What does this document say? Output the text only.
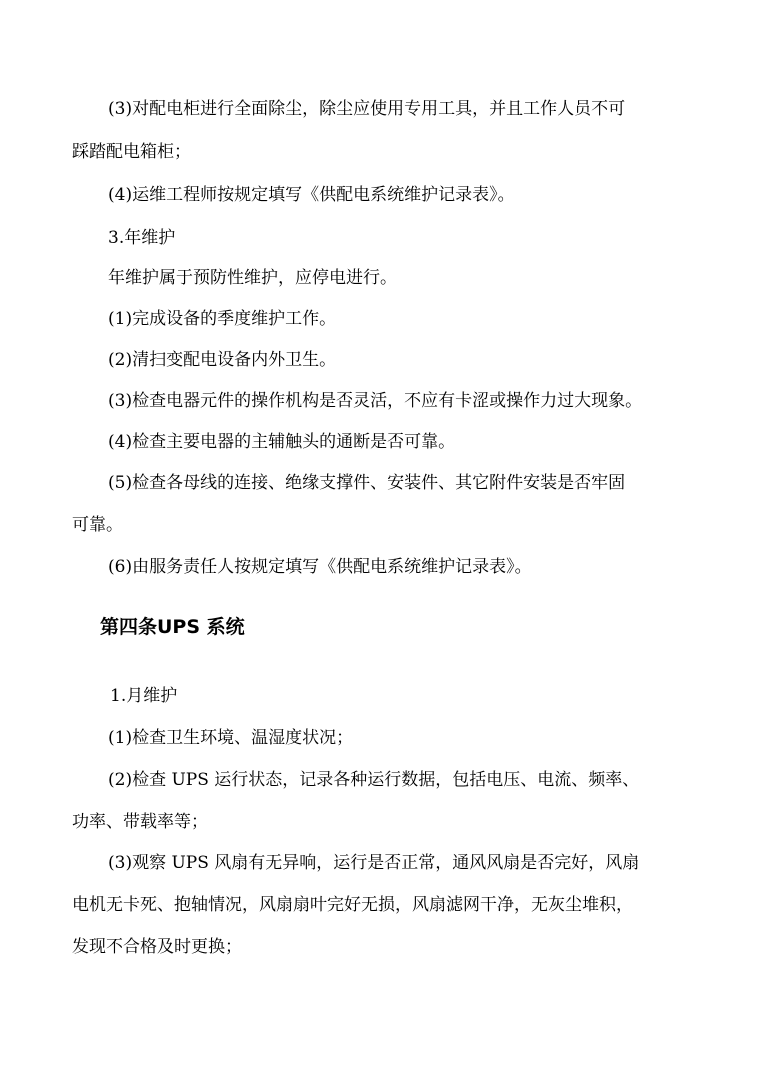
(3)对配电柜进行全面除尘，除尘应使用专用工具，并且工作人员不可
踩踏配电箱柜；
(4)运维工程师按规定填写《供配电系统维护记录表》。
3.年维护
年维护属于预防性维护，应停电进行。
(1)完成设备的季度维护工作。
(2)清扫变配电设备内外卫生。
(3)检查电器元件的操作机构是否灵活，不应有卡涩或操作力过大现象。
(4)检查主要电器的主辅触头的通断是否可靠。
(5)检查各母线的连接、绝缘支撑件、安装件、其它附件安装是否牢固
可靠。
(6)由服务责任人按规定填写《供配电系统维护记录表》。
第四条UPS 系统
1.月维护
(1)检查卫生环境、温湿度状况；
(2)检查 UPS 运行状态，记录各种运行数据，包括电压、电流、频率、
功率、带载率等；
(3)观察 UPS 风扇有无异响，运行是否正常，通风风扇是否完好，风扇
电机无卡死、抱轴情况，风扇扇叶完好无损，风扇滤网干净，无灰尘堆积，
发现不合格及时更换；
